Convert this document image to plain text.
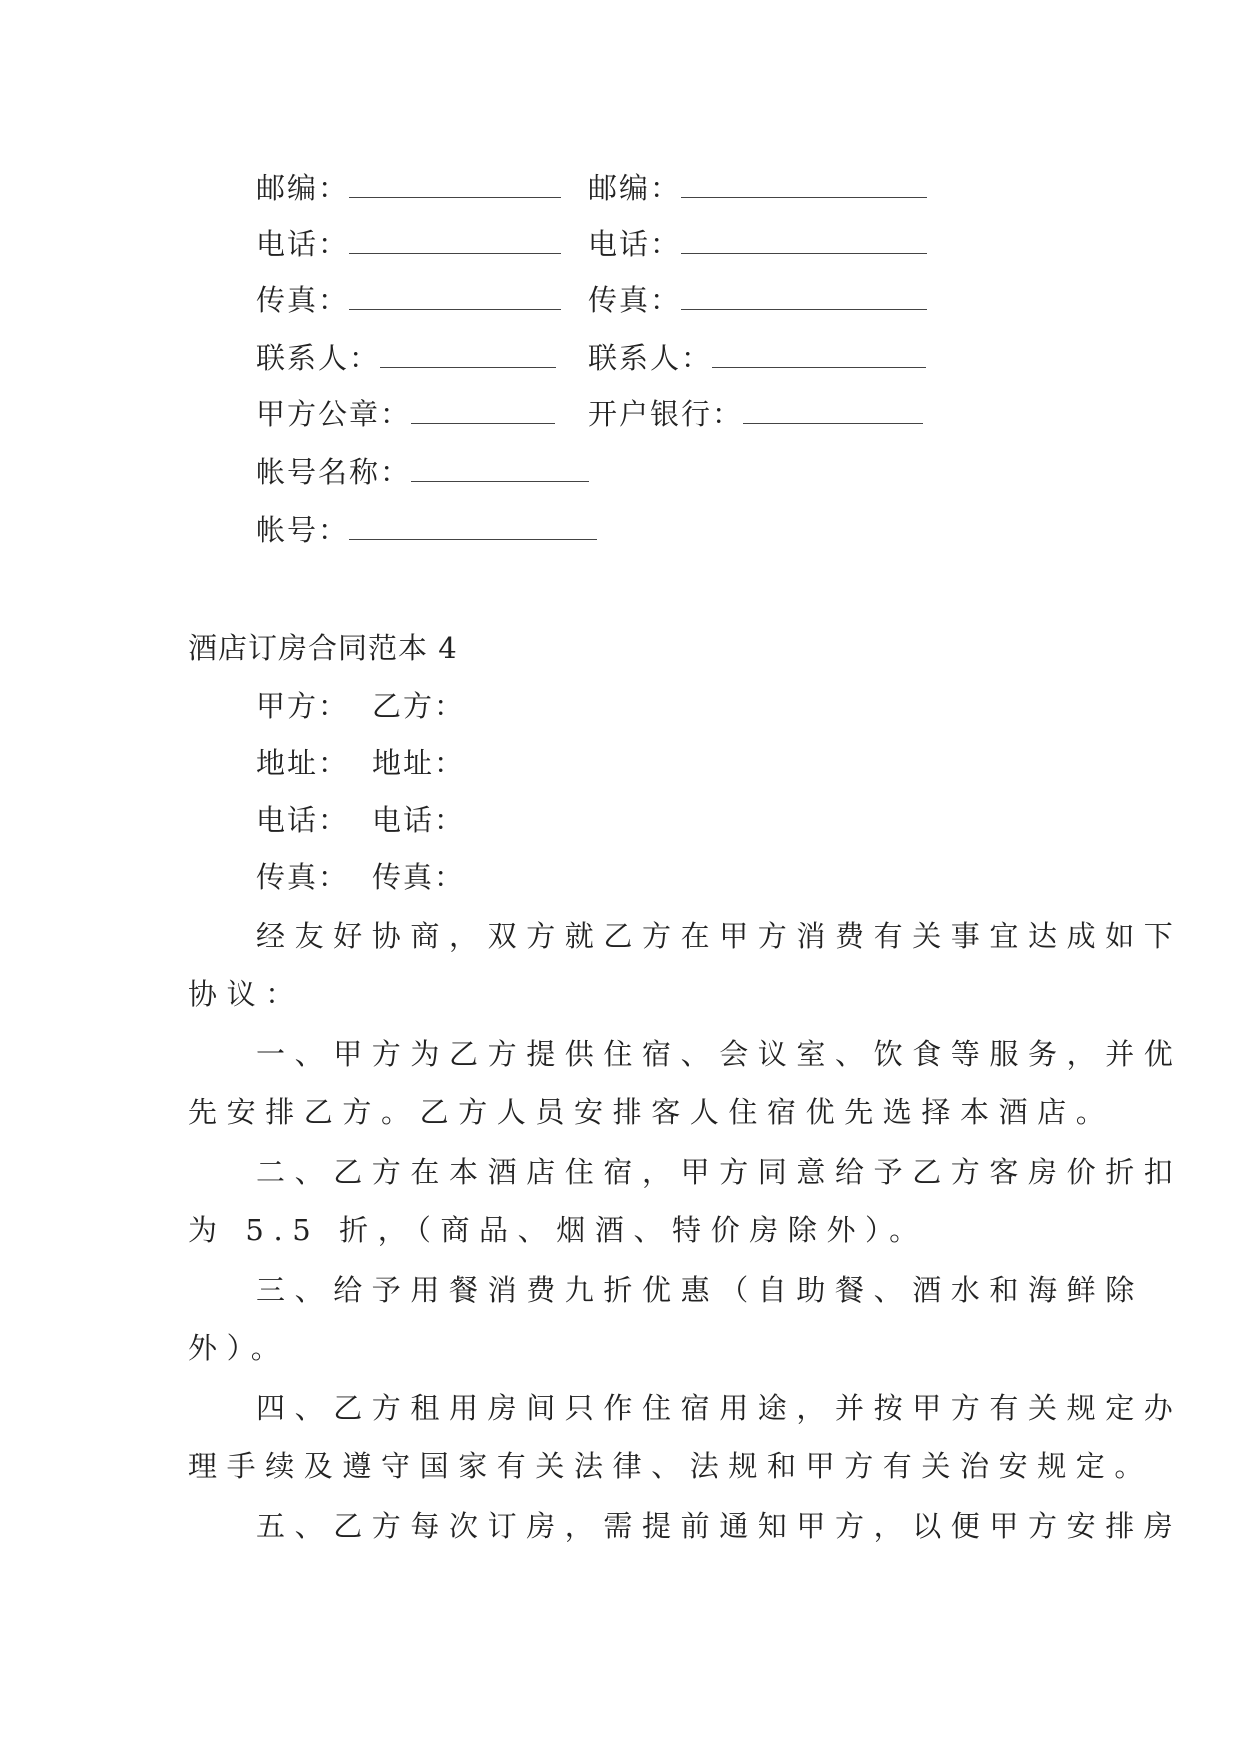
邮编：	邮编：
电话：	电话：
传真：	传真：
联系人：	联系人：
甲方公章：	开户银行：
帐号名称：
帐号：
酒店订房合同范本 4
甲方： 乙方：
地址： 地址：
电话： 电话：
传真： 传真：
经友好协商，双方就乙方在甲方消费有关事宜达成如下
协议：
一、甲方为乙方提供住宿、会议室、饮食等服务，并优
先安排乙方。乙方人员安排客人住宿优先选择本酒店。
二、乙方在本酒店住宿，甲方同意给予乙方客房价折扣
为 5.5 折，（商品、烟酒、特价房除外）。
三、给予用餐消费九折优惠（自助餐、酒水和海鲜除
外）。
四、乙方租用房间只作住宿用途，并按甲方有关规定办
理手续及遵守国家有关法律、法规和甲方有关治安规定。
五、乙方每次订房，需提前通知甲方，以便甲方安排房
